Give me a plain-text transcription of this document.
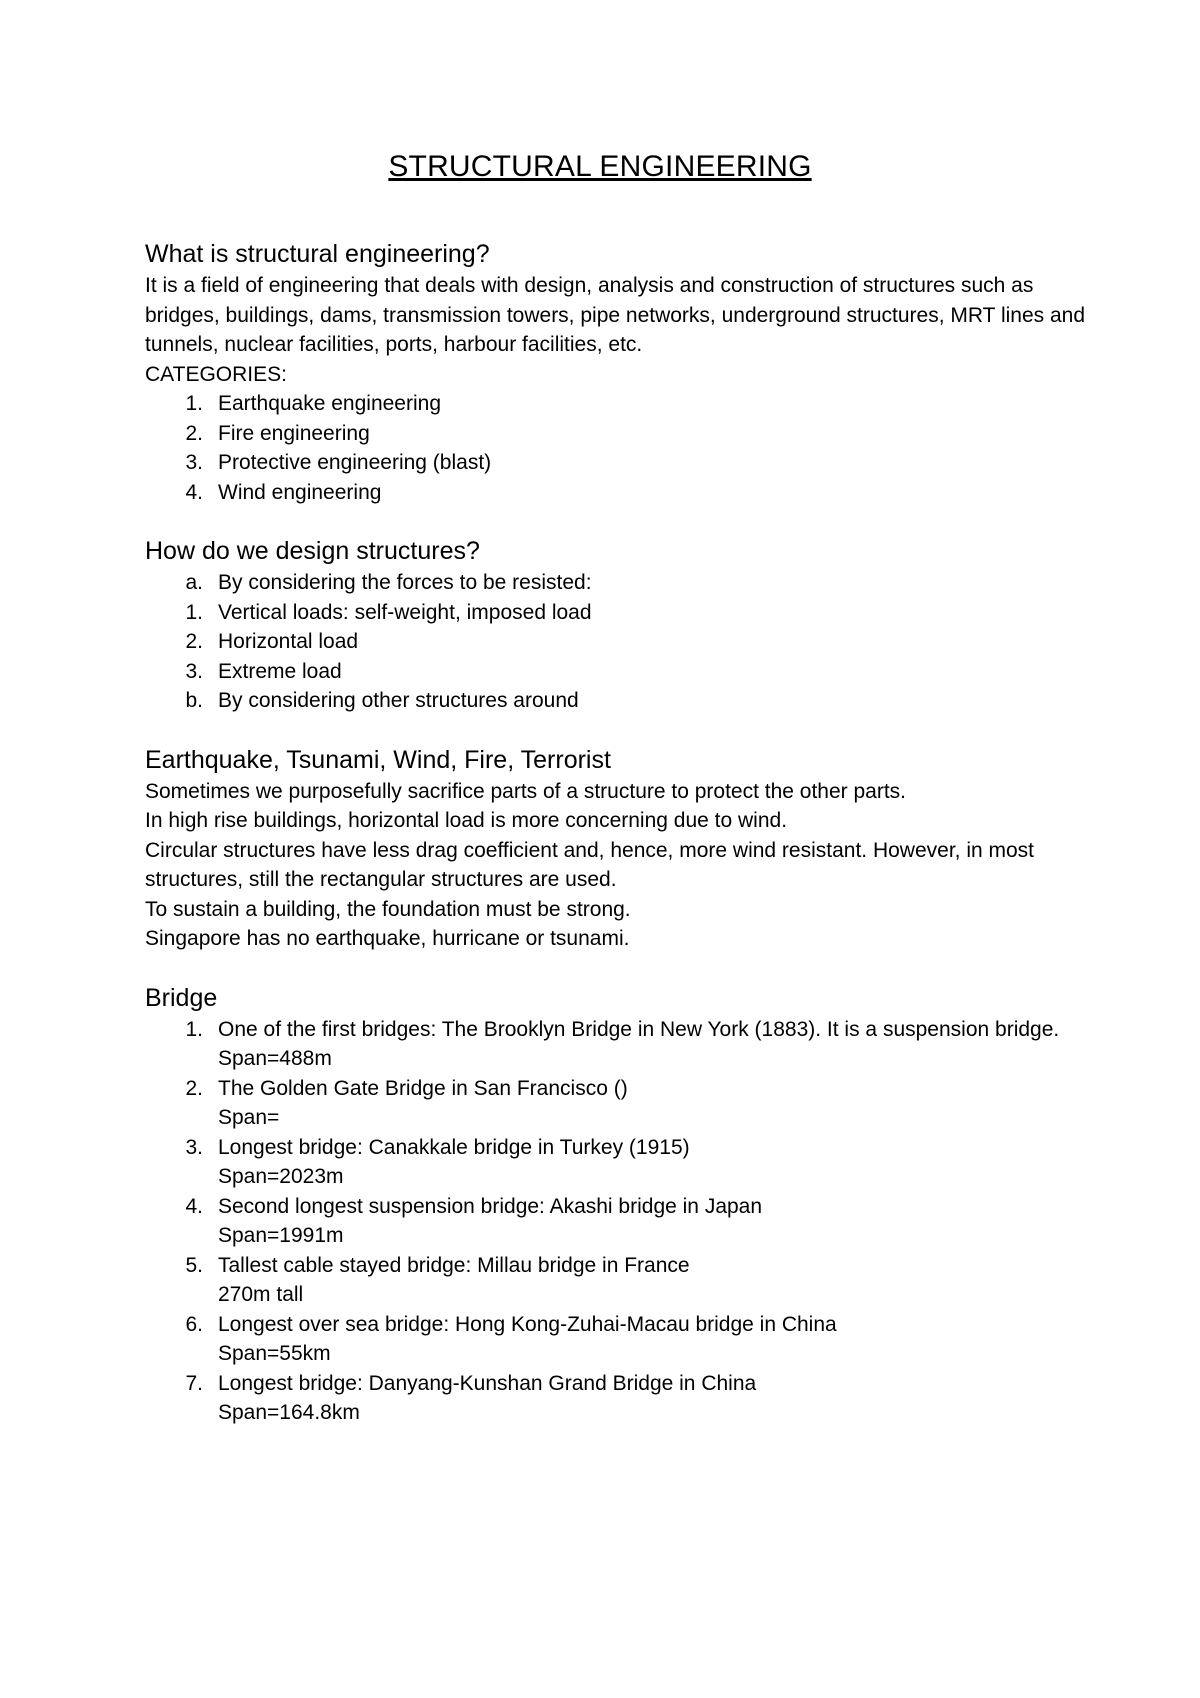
STRUCTURAL ENGINEERING
What is structural engineering?

It is a field of engineering that deals with design, analysis and construction of structures such as bridges, buildings, dams, transmission towers, pipe networks, underground structures, MRT lines and tunnels, nuclear facilities, ports, harbour facilities, etc.

CATEGORIES:

1. Earthquake engineering
2. Fire engineering
3. Protective engineering (blast)
4. Wind engineering
How do we design structures?
a. By considering the forces to be resisted:
1. Vertical loads: self-weight, imposed load
2. Horizontal load
3. Extreme load
b. By considering other structures around
Earthquake, Tsunami, Wind, Fire, Terrorist

Sometimes we purposefully sacrifice parts of a structure to protect the other parts.

In high rise buildings, horizontal load is more concerning due to wind.

Circular structures have less drag coefficient and, hence, more wind resistant. However, in most structures, still the rectangular structures are used.

To sustain a building, the foundation must be strong.

Singapore has no earthquake, hurricane or tsunami.

Bridge
1. One of the first bridges: The Brooklyn Bridge in New York (1883). It is a suspension bridge.
Span=488m
2. The Golden Gate Bridge in San Francisco ()
Span=
3. Longest bridge: Canakkale bridge in Turkey (1915)
Span=2023m
4. Second longest suspension bridge: Akashi bridge in Japan
Span=1991m
5. Tallest cable stayed bridge: Millau bridge in France
270m tall
6. Longest over sea bridge: Hong Kong-Zuhai-Macau bridge in China
Span=55km
7. Longest bridge: Danyang-Kunshan Grand Bridge in China
Span=164.8km
